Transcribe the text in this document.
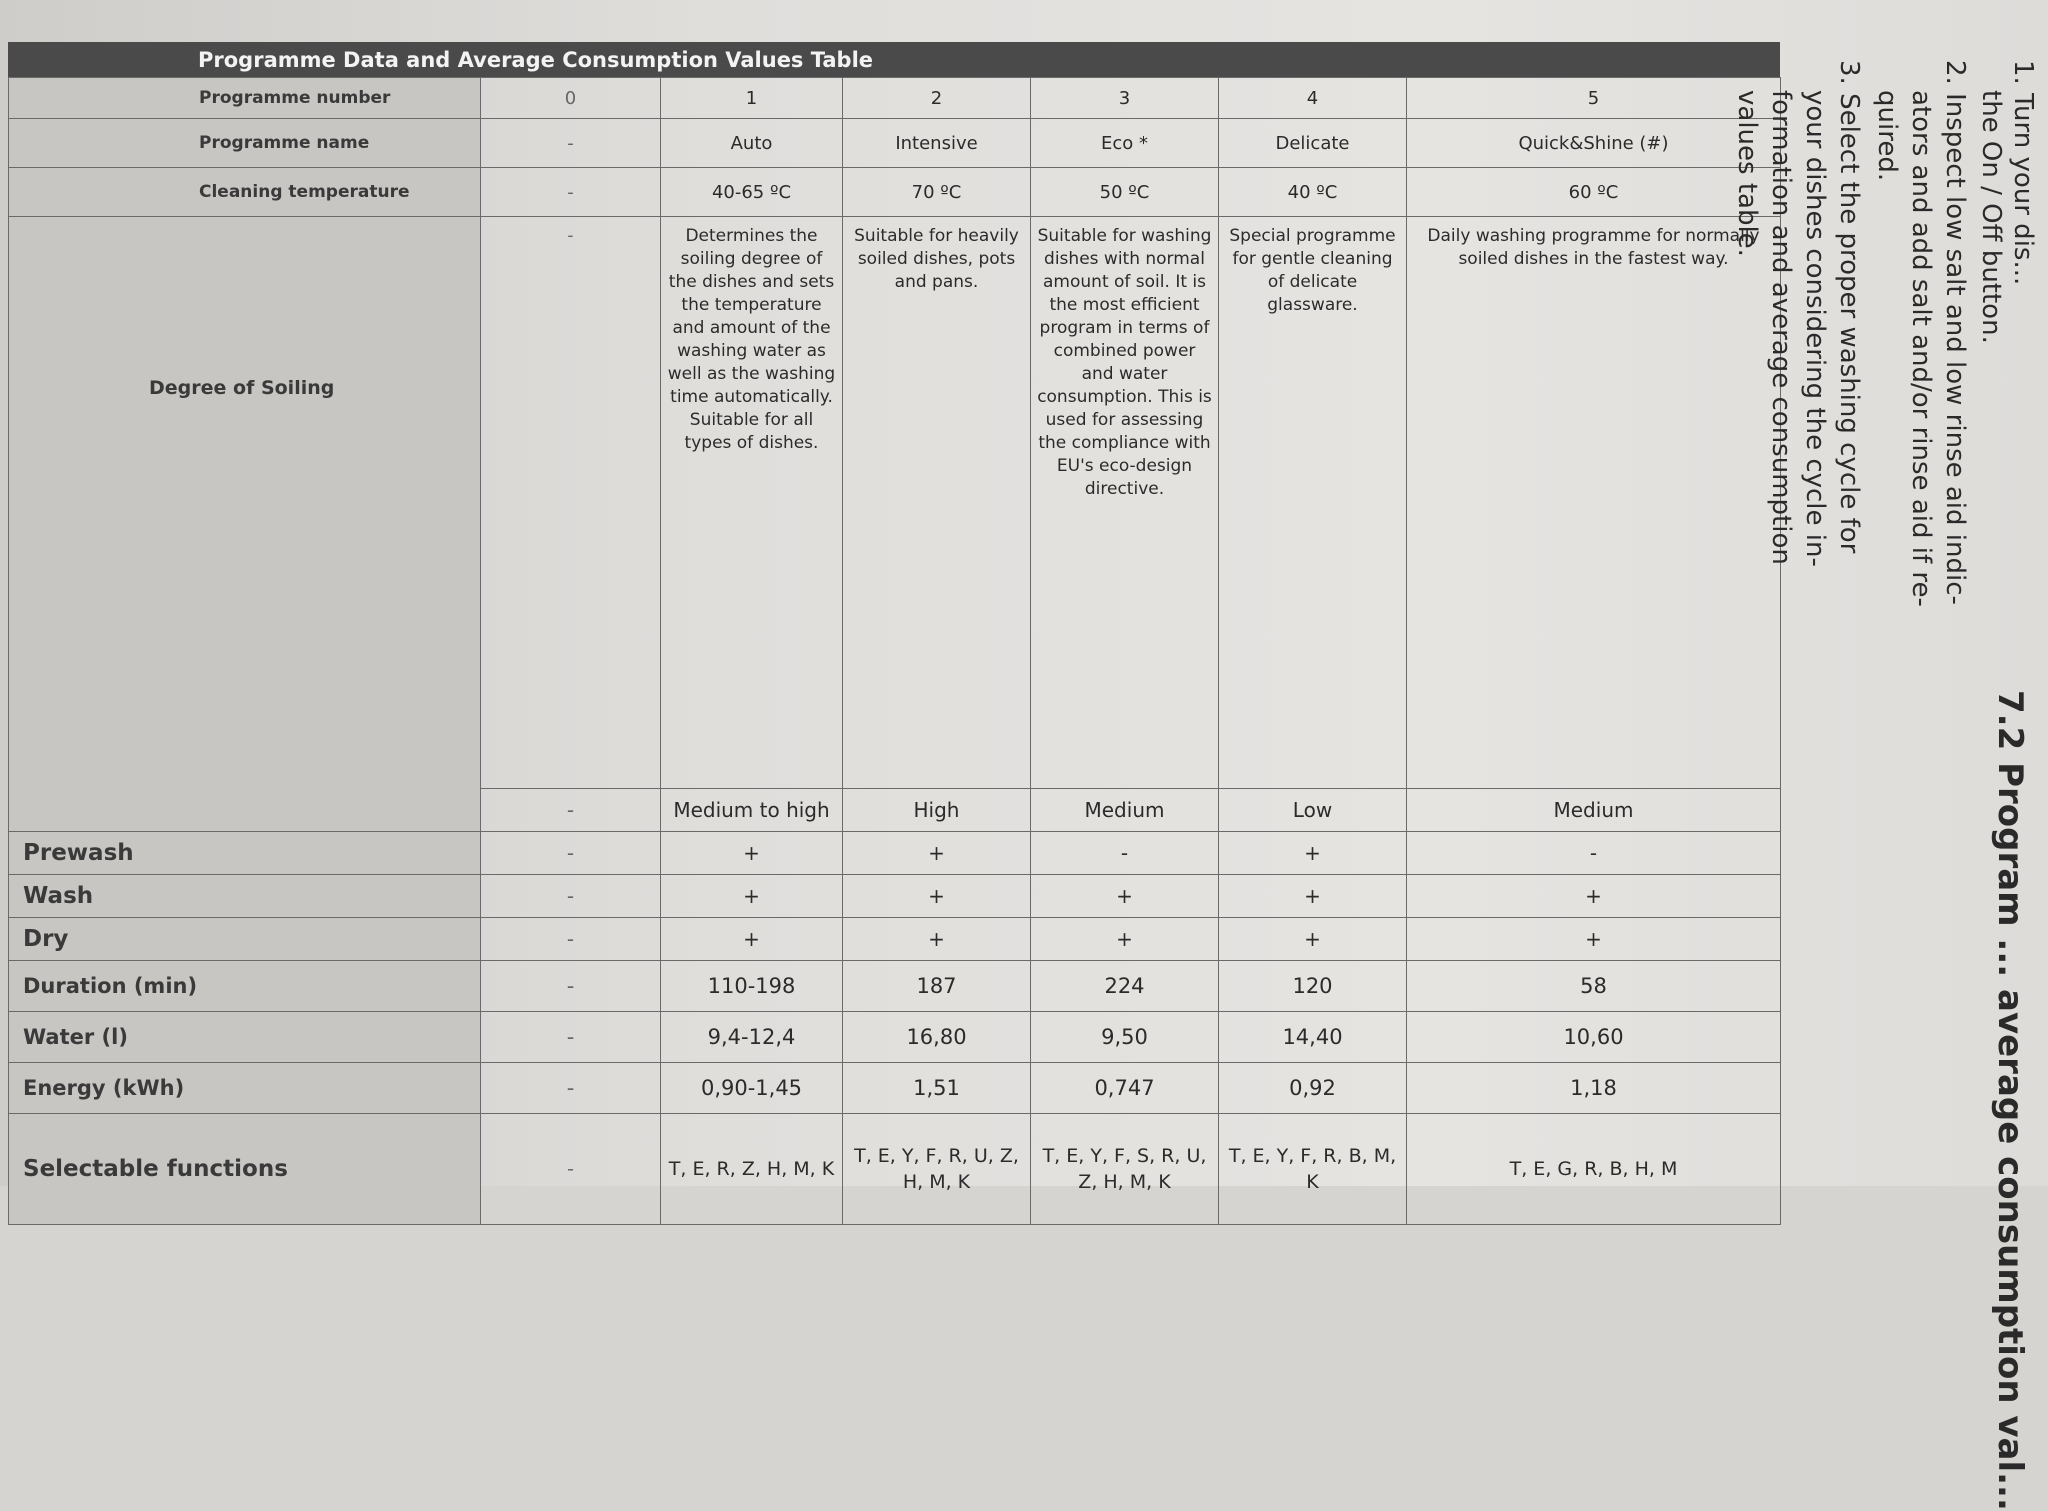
Programme Data and Average Consumption Values Table
Programme number	0	1	2	3	4	5	
Programme name	-	Auto	Intensive	Eco *	Delicate	Quick&Shine (#)	
Cleaning temperature	-	40-65 ºC	70 ºC	50 ºC	40 ºC	60 ºC	
Degree of Soiling	-	Determines the soiling degree of the dishes and sets the temperature and amount of the washing water as well as the washing time automatically. Suitable for all types of dishes.	Suitable for heavily soiled dishes, pots and pans.	Suitable for washing dishes with normal amount of soil. It is the most efficient program in terms of combined power and water consumption. This is used for assessing the compliance with EU's eco-design directive.	Special programme for gentle cleaning of delicate glassware.	Daily washing programme for normally soiled dishes in the fastest way.	
	-	Medium to high	High	Medium	Low	Medium	
Prewash	-	+	+	-	+	-	
Wash	-	+	+	+	+	+	
Dry	-	+	+	+	+	+	
Duration (min)	-	110-198	187	224	120	58	
Water (l)	-	9,4-12,4	16,80	9,50	14,40	10,60	
Energy (kWh)	-	0,90-1,45	1,51	0,747	0,92	1,18	
Selectable functions	-	T, E, R, Z, H, M, K	T, E, Y, F, R, U, Z, H, M, K	T, E, Y, F, S, R, U, Z, H, M, K	T, E, Y, F, R, B, M, K	T, E, G, R, B, H, M	
1. Turn your dis...
the On / Off button.
2. Inspect low salt and low rinse aid indic-
ators and add salt and/or rinse aid if re-
quired.
3. Select the proper washing cycle for
your dishes considering the cycle in-
formation and average consumption
values table.
7.2 Program ... average consumption val...
